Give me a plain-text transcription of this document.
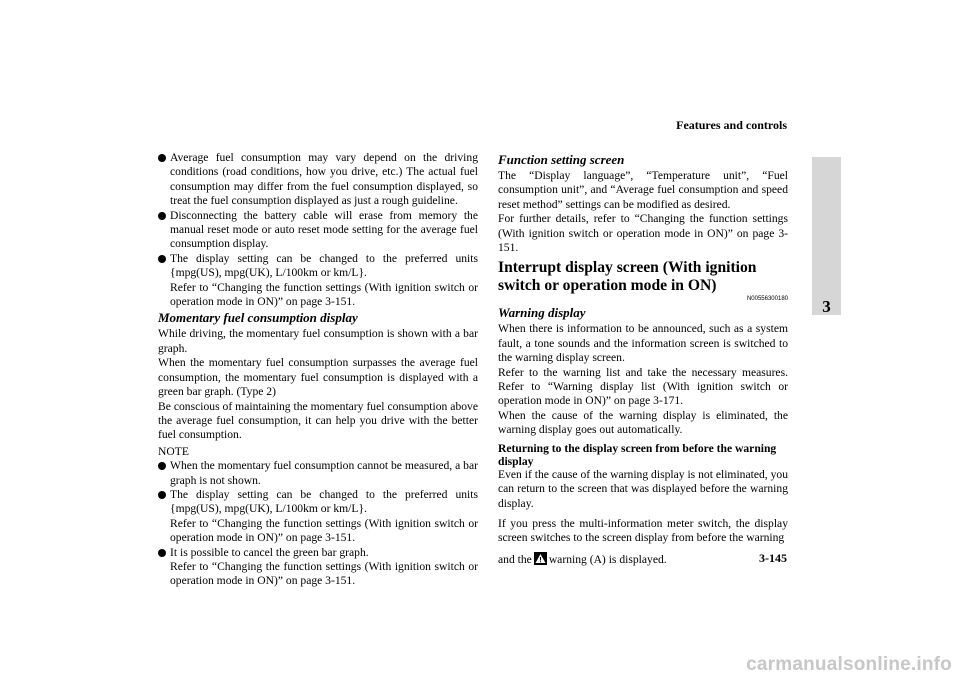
Features and controls
3
Average fuel consumption may vary depend on the driving conditions (road conditions, how you drive, etc.) The actual fuel consumption may differ from the fuel consumption displayed, so treat the fuel consumption displayed as just a rough guideline.
Disconnecting the battery cable will erase from memory the manual reset mode or auto reset mode setting for the average fuel consumption display.
The display setting can be changed to the preferred units {mpg(US), mpg(UK), L/100km or km/L}.
Refer to “Changing the function settings (With ignition switch or operation mode in ON)” on page 3-151.
Momentary fuel consumption display

While driving, the momentary fuel consumption is shown with a bar graph.

When the momentary fuel consumption surpasses the average fuel consumption, the momentary fuel consumption is displayed with a green bar graph. (Type 2)

Be conscious of maintaining the momentary fuel consumption above the average fuel consumption, it can help you drive with the better fuel consumption.

NOTE
When the momentary fuel consumption cannot be measured, a bar graph is not shown.
The display setting can be changed to the preferred units {mpg(US), mpg(UK), L/100km or km/L}.
Refer to “Changing the function settings (With ignition switch or operation mode in ON)” on page 3-151.
It is possible to cancel the green bar graph.
Refer to “Changing the function settings (With ignition switch or operation mode in ON)” on page 3-151.
Function setting screen

The “Display language”, “Temperature unit”, “Fuel consumption unit”, and “Average fuel consumption and speed reset method” settings can be modified as desired.

For further details, refer to “Changing the function settings (With ignition switch or operation mode in ON)” on page 3-151.

Interrupt display screen (With ignition switch or operation mode in ON)
N00556300180
Warning display

When there is information to be announced, such as a system fault, a tone sounds and the information screen is switched to the warning display screen.

Refer to the warning list and take the necessary measures. Refer to “Warning display list (With ignition switch or operation mode in ON)” on page 3-171.

When the cause of the warning display is eliminated, the warning display goes out automatically.

Returning to the display screen from before the warning display

Even if the cause of the warning display is not eliminated, you can return to the screen that was displayed before the warning display.

If you press the multi-information meter switch, the display screen switches to the screen display from before the warning

and the warning (A) is displayed.	3-145
carmanualsonline.info
